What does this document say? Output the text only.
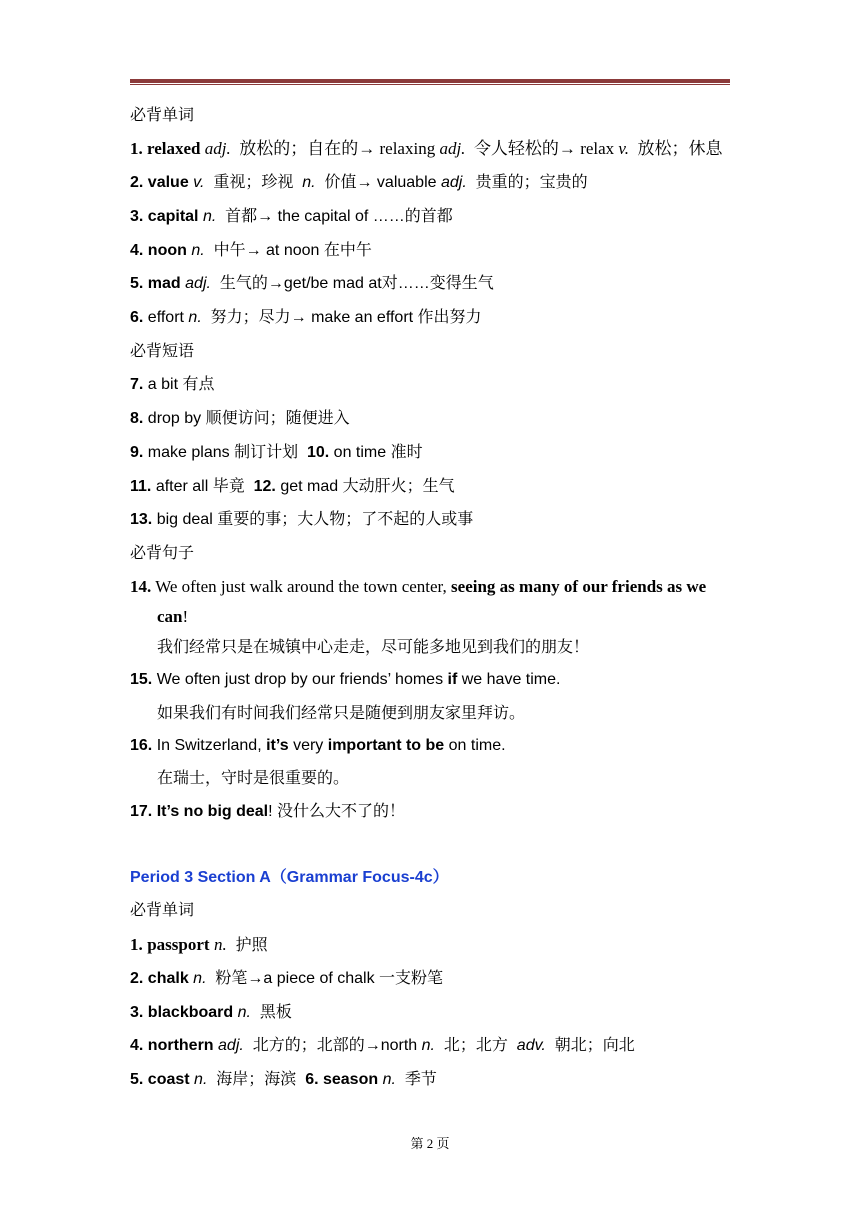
必背单词
1. relaxed adj. 放松的；自在的→ relaxing adj. 令人轻松的→ relax v. 放松；休息
2. value v. 重视；珍视 n. 价值→ valuable adj. 贵重的；宝贵的
3. capital n. 首都→ the capital of ……的首都
4. noon n. 中午→ at noon 在中午
5. mad adj. 生气的→get/be mad at对……变得生气
6. effort n. 努力；尽力→ make an effort 作出努力
必背短语
7. a bit 有点
8. drop by 顺便访问；随便进入
9. make plans 制订计划 10. on time 准时
11. after all 毕竟 12. get mad 大动肝火；生气
13. big deal 重要的事；大人物；了不起的人或事
必背句子
14. We often just walk around the town center, seeing as many of our friends as we
can!
我们经常只是在城镇中心走走，尽可能多地见到我们的朋友！
15. We often just drop by our friends’ homes if we have time.
如果我们有时间我们经常只是随便到朋友家里拜访。
16. In Switzerland, it’s very important to be on time.
在瑞士，守时是很重要的。
17. It’s no big deal! 没什么大不了的！
Period 3 Section A（Grammar Focus-4c）
必背单词
1. passport n. 护照
2. chalk n. 粉笔→a piece of chalk 一支粉笔
3. blackboard n. 黑板
4. northern adj. 北方的；北部的→north n. 北；北方 adv. 朝北；向北
5. coast n. 海岸；海滨 6. season n. 季节
第 2 页
